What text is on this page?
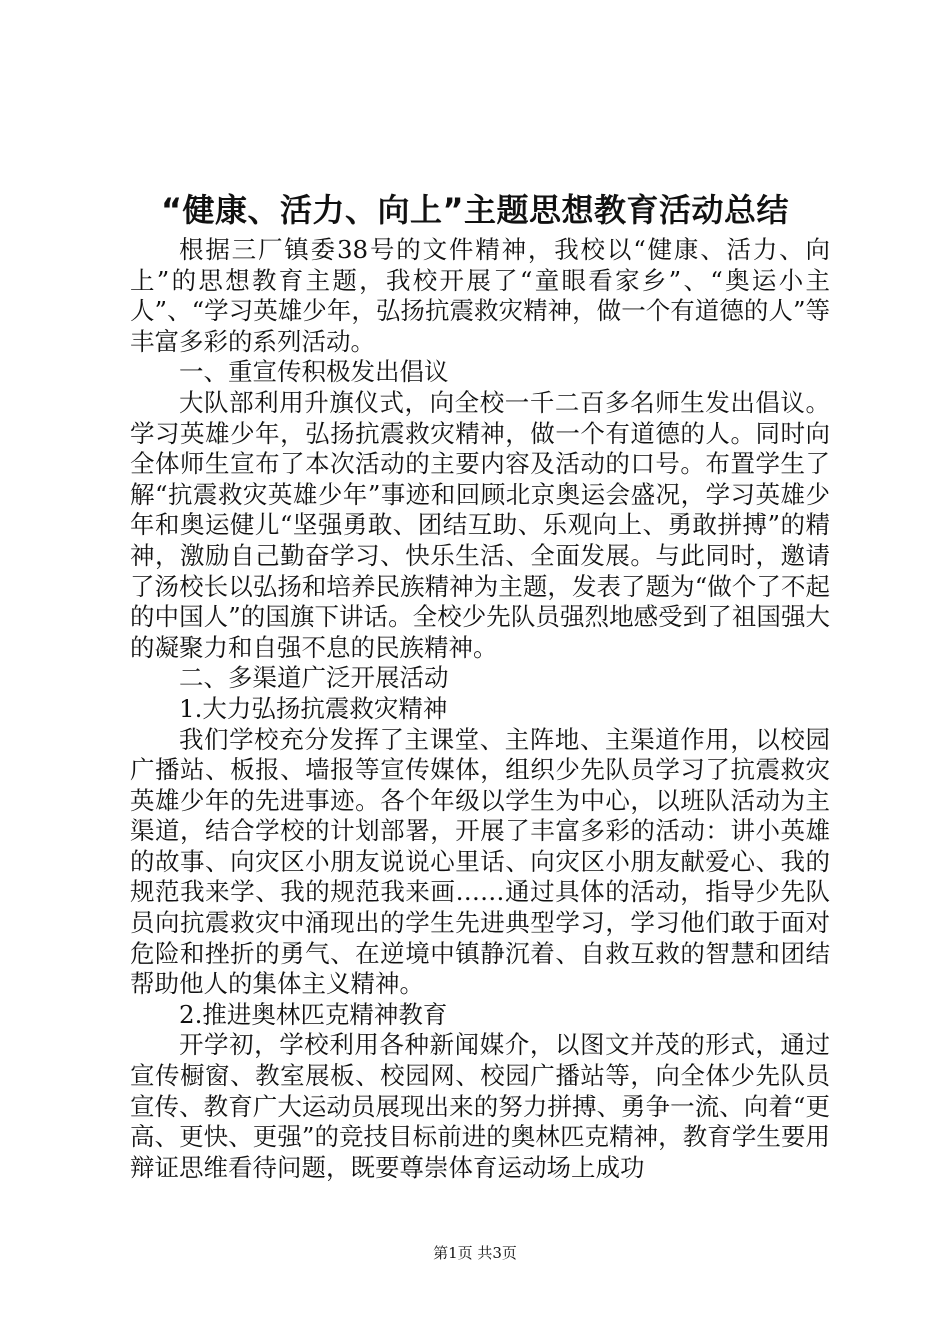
“健康、活力、向上”主题思想教育活动总结

根据三厂镇委38号的文件精神，我校以“健康、活力、向上”的思想教育主题，我校开展了“童眼看家乡”、“奥运小主人”、“学习英雄少年，弘扬抗震救灾精神，做一个有道德的人”等丰富多彩的系列活动。

一、重宣传积极发出倡议

大队部利用升旗仪式，向全校一千二百多名师生发出倡议。学习英雄少年，弘扬抗震救灾精神，做一个有道德的人。同时向全体师生宣布了本次活动的主要内容及活动的口号。布置学生了解“抗震救灾英雄少年”事迹和回顾北京奥运会盛况，学习英雄少年和奥运健儿“坚强勇敢、团结互助、乐观向上、勇敢拼搏”的精神，激励自己勤奋学习、快乐生活、全面发展。与此同时，邀请了汤校长以弘扬和培养民族精神为主题，发表了题为“做个了不起的中国人”的国旗下讲话。全校少先队员强烈地感受到了祖国强大的凝聚力和自强不息的民族精神。

二、多渠道广泛开展活动

1.大力弘扬抗震救灾精神

我们学校充分发挥了主课堂、主阵地、主渠道作用，以校园广播站、板报、墙报等宣传媒体，组织少先队员学习了抗震救灾英雄少年的先进事迹。各个年级以学生为中心，以班队活动为主渠道，结合学校的计划部署，开展了丰富多彩的活动：讲小英雄的故事、向灾区小朋友说说心里话、向灾区小朋友献爱心、我的规范我来学、我的规范我来画……通过具体的活动，指导少先队员向抗震救灾中涌现出的学生先进典型学习，学习他们敢于面对危险和挫折的勇气、在逆境中镇静沉着、自救互救的智慧和团结帮助他人的集体主义精神。

2.推进奥林匹克精神教育

开学初，学校利用各种新闻媒介，以图文并茂的形式，通过宣传橱窗、教室展板、校园网、校园广播站等，向全体少先队员宣传、教育广大运动员展现出来的努力拼搏、勇争一流、向着“更高、更快、更强”的竞技目标前进的奥林匹克精神，教育学生要用辩证思维看待问题，既要尊崇体育运动场上成功

第1页 共3页
